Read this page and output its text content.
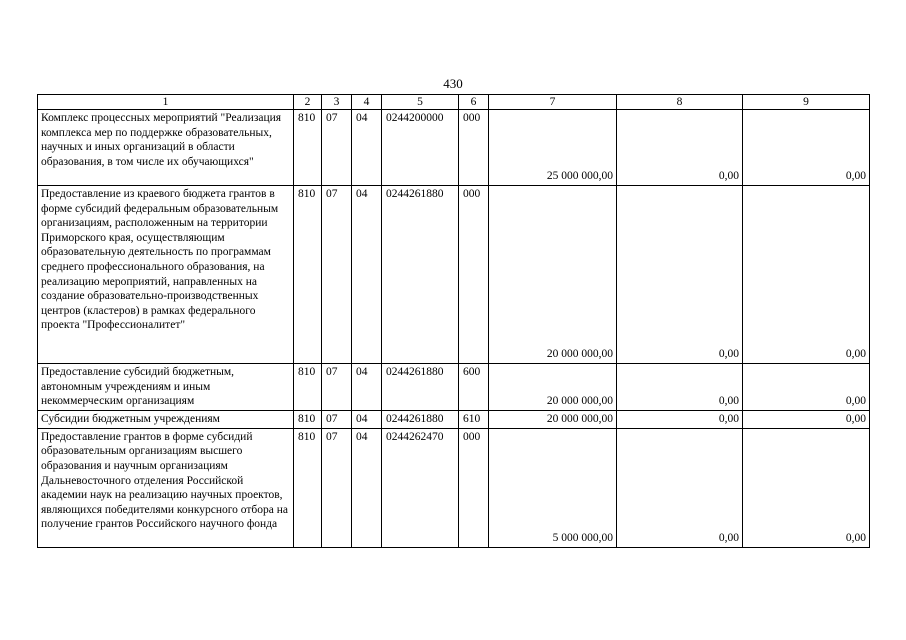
430
1	2	3	4	5	6	7	8	9
Комплекс процессных мероприятий "Реализация комплекса мер по поддержке образовательных, научных и иных организаций в области образования, в том числе их обучающихся"	810	07	04	0244200000	000	25 000 000,00	0,00	0,00
Предоставление из краевого бюджета грантов в форме субсидий федеральным образовательным организациям, расположенным на территории Приморского края, осуществляющим образовательную деятельность по программам среднего профессионального образования, на реализацию мероприятий, направленных на создание образовательно-производственных центров (кластеров) в рамках федерального проекта "Профессионалитет"	810	07	04	0244261880	000	20 000 000,00	0,00	0,00
Предоставление субсидий бюджетным, автономным учреждениям и иным некоммерческим организациям	810	07	04	0244261880	600	20 000 000,00	0,00	0,00
Субсидии бюджетным учреждениям	810	07	04	0244261880	610	20 000 000,00	0,00	0,00
Предоставление грантов в форме субсидий образовательным организациям высшего образования и научным организациям Дальневосточного отделения Российской академии наук на реализацию научных проектов, являющихся победителями конкурсного отбора на получение грантов Российского научного фонда	810	07	04	0244262470	000	5 000 000,00	0,00	0,00
